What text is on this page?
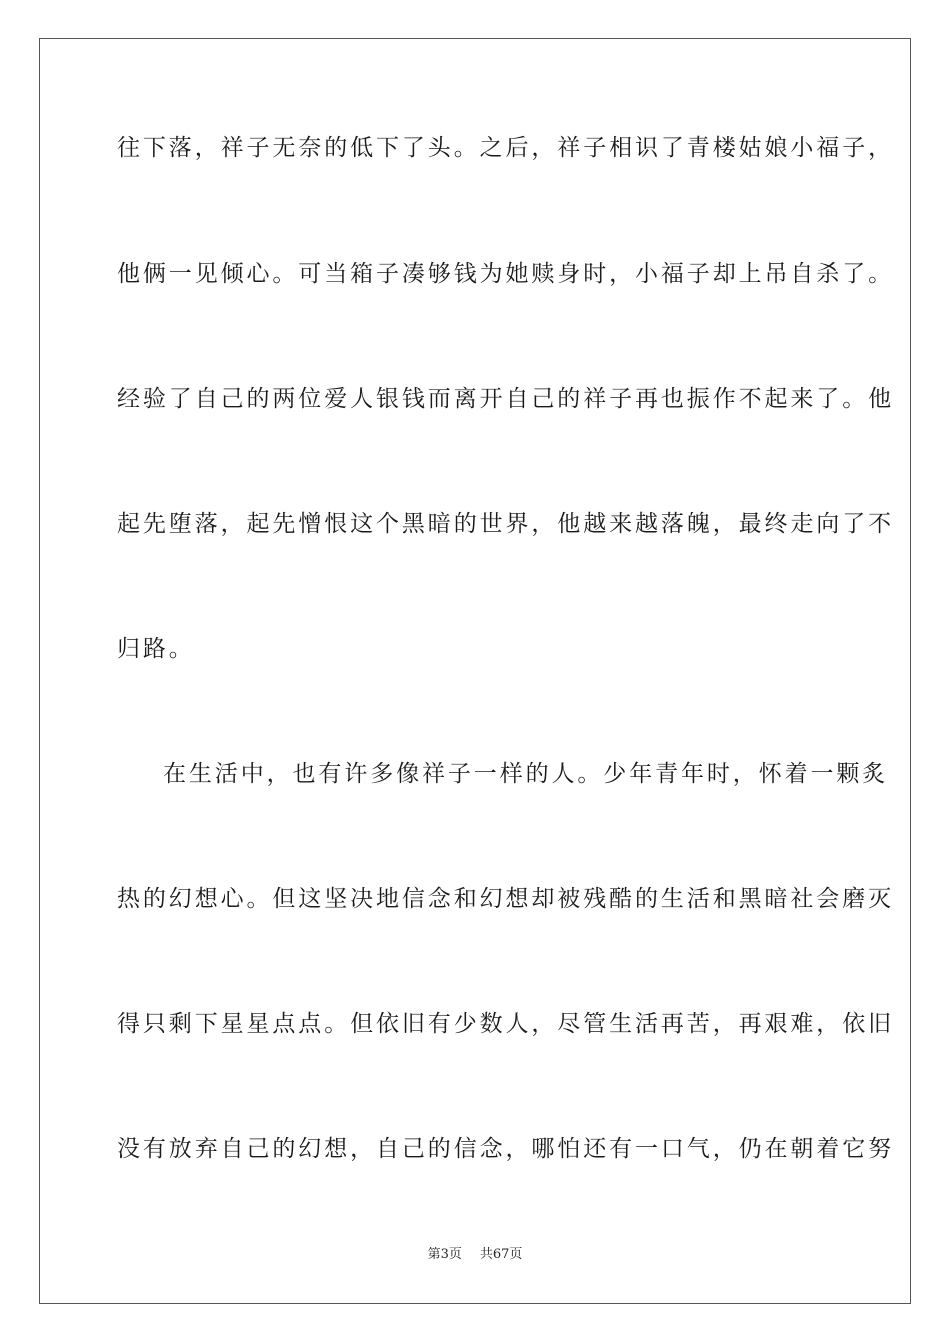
往下落，祥子无奈的低下了头。之后，祥子相识了青楼姑娘小福子，
他俩一见倾心。可当箱子凑够钱为她赎身时，小福子却上吊自杀了。
经验了自己的两位爱人银钱而离开自己的祥子再也振作不起来了。他
起先堕落，起先憎恨这个黑暗的世界，他越来越落魄，最终走向了不
归路。
在生活中，也有许多像祥子一样的人。少年青年时，怀着一颗炙
热的幻想心。但这坚决地信念和幻想却被残酷的生活和黑暗社会磨灭
得只剩下星星点点。但依旧有少数人，尽管生活再苦，再艰难，依旧
没有放弃自己的幻想，自己的信念，哪怕还有一口气，仍在朝着它努
第3页 共67页
